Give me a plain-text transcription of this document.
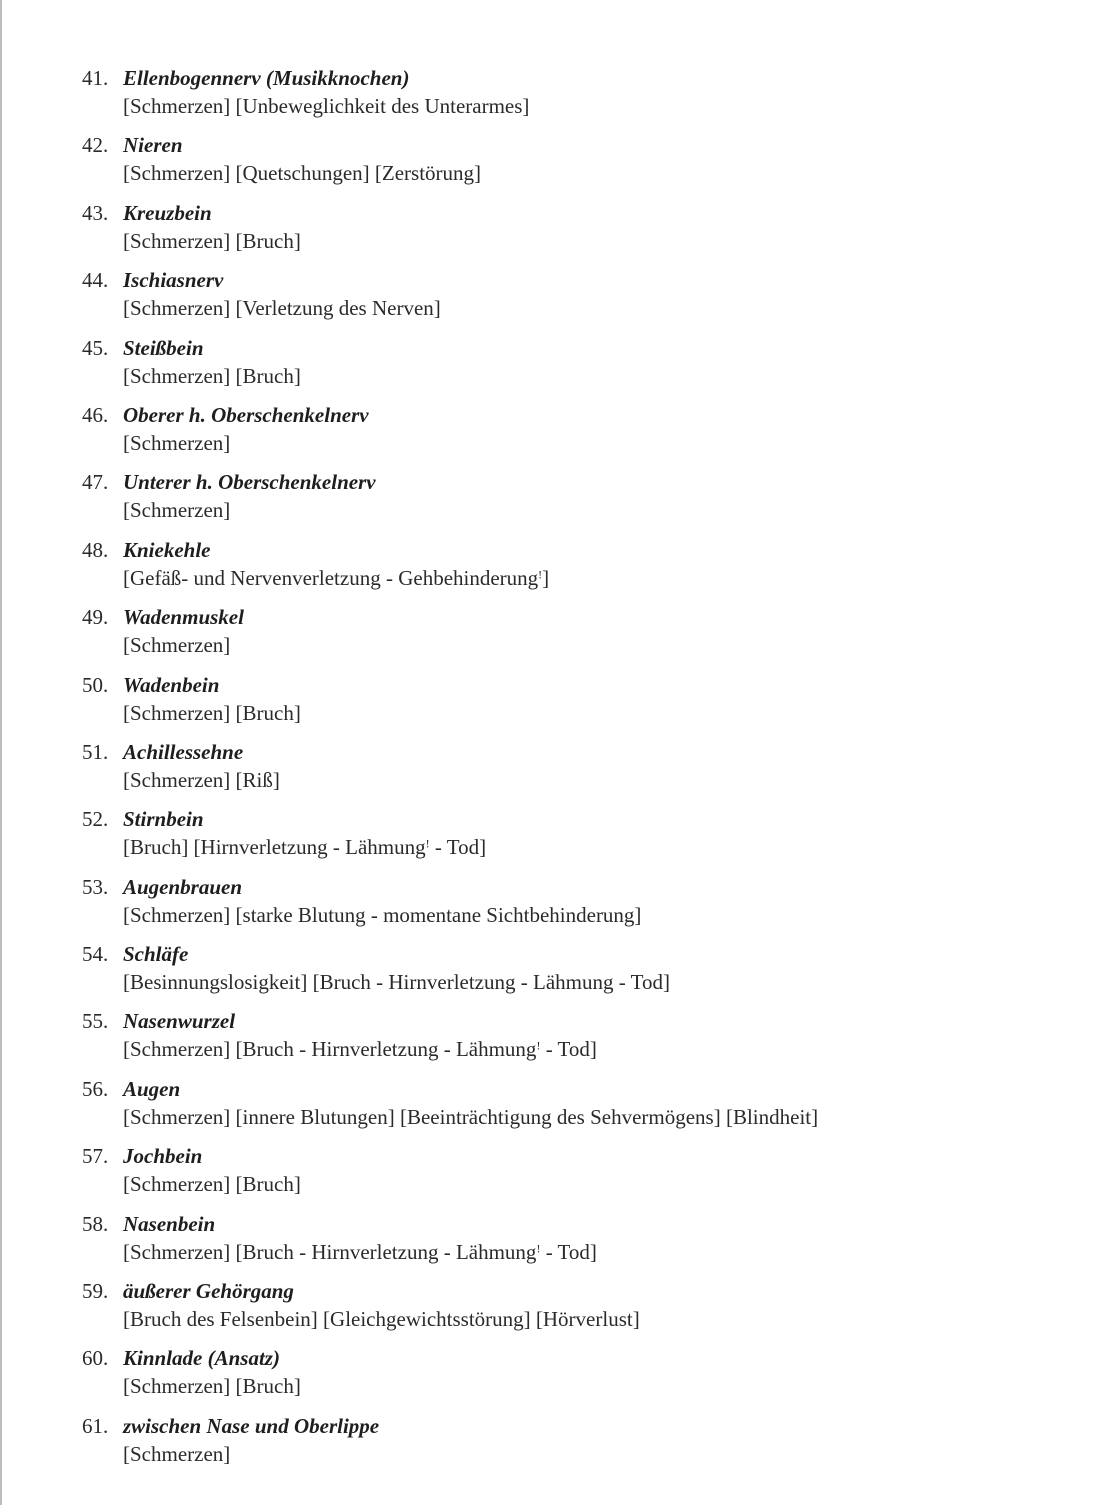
41. Ellenbogennerv (Musikknochen)
[Schmerzen] [Unbeweglichkeit des Unterarmes]
42. Nieren
[Schmerzen] [Quetschungen] [Zerstörung]
43. Kreuzbein
[Schmerzen] [Bruch]
44. Ischiasnerv
[Schmerzen] [Verletzung des Nerven]
45. Steißbein
[Schmerzen] [Bruch]
46. Oberer h. Oberschenkelnerv
[Schmerzen]
47. Unterer h. Oberschenkelnerv
[Schmerzen]
48. Kniekehle
[Gefäß- und Nervenverletzung - Gehbehinderung!]
49. Wadenmuskel
[Schmerzen]
50. Wadenbein
[Schmerzen] [Bruch]
51. Achillessehne
[Schmerzen] [Riß]
52. Stirnbein
[Bruch] [Hirnverletzung - Lähmung! - Tod]
53. Augenbrauen
[Schmerzen] [starke Blutung - momentane Sichtbehinderung]
54. Schläfe
[Besinnungslosigkeit] [Bruch - Hirnverletzung - Lähmung - Tod]
55. Nasenwurzel
[Schmerzen] [Bruch - Hirnverletzung - Lähmung! - Tod]
56. Augen
[Schmerzen] [innere Blutungen] [Beeinträchtigung des Sehvermögens] [Blindheit]
57. Jochbein
[Schmerzen] [Bruch]
58. Nasenbein
[Schmerzen] [Bruch - Hirnverletzung - Lähmung! - Tod]
59. äußerer Gehörgang
[Bruch des Felsenbein] [Gleichgewichtsstörung] [Hörverlust]
60. Kinnlade (Ansatz)
[Schmerzen] [Bruch]
61. zwischen Nase und Oberlippe
[Schmerzen]
